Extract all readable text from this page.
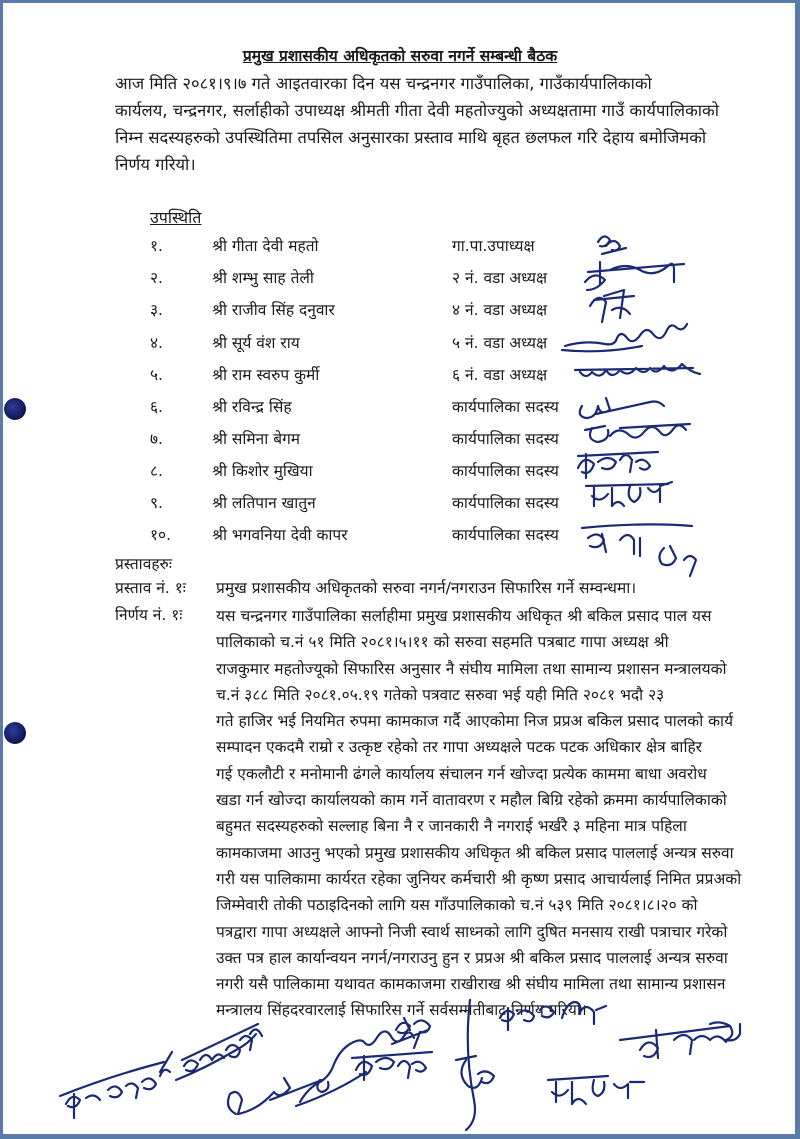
प्रमुख प्रशासकीय अधिकृतको सरुवा नगर्ने सम्बन्धी बैठक
आज मिति २०८१।९।७ गते आइतवारका दिन यस चन्द्रनगर गाउँपालिका, गाउँकार्यपालिकाको
कार्यलय, चन्द्रनगर, सर्लाहीको उपाध्यक्ष श्रीमती गीता देवी महतोज्युको अध्यक्षतामा गाउँ कार्यपालिकाको
निम्न सदस्यहरुको उपस्थितिमा तपसिल अनुसारका प्रस्ताव माथि बृहत छलफल गरि देहाय बमोजिमको
निर्णय गरियो।
उपस्थिति
१.	श्री गीता देवी महतो	गा.पा.उपाध्यक्ष
२.	श्री शम्भु साह तेली	२ नं. वडा अध्यक्ष
३.	श्री राजीव सिंह दनुवार	४ नं. वडा अध्यक्ष
४.	श्री सूर्य वंश राय	५ नं. वडा अध्यक्ष
५.	श्री राम स्वरुप कुर्मी	६ नं. वडा अध्यक्ष
६.	श्री रविन्द्र सिंह	कार्यपालिका सदस्य
७.	श्री समिना बेगम	कार्यपालिका सदस्य
८.	श्री किशोर मुखिया	कार्यपालिका सदस्य
९.	श्री लतिपान खातुन	कार्यपालिका सदस्य
१०.	श्री भगवनिया देवी कापर	कार्यपालिका सदस्य
प्रस्तावहरुः
प्रस्ताव नं. १ः प्रमुख प्रशासकीय अधिकृतको सरुवा नगर्न/नगराउन सिफारिस गर्ने सम्वन्धमा।
निर्णय नं. १ः यस चन्द्रनगर गाउँपालिका सर्लाहीमा प्रमुख प्रशासकीय अधिकृत श्री बकिल प्रसाद पाल यस
पालिकाको च.नं ५१ मिति २०८१।५।११ को सरुवा सहमति पत्रबाट गापा अध्यक्ष श्री
राजकुमार महतोज्यूको सिफारिस अनुसार नै संघीय मामिला तथा सामान्य प्रशासन मन्त्रालयको
च.नं ३८८ मिति २०८१.०५.१९ गतेको पत्रवाट सरुवा भई यही मिति २०८१ भदौ २३
गते हाजिर भई नियमित रुपमा कामकाज गर्दै आएकोमा निज प्रप्रअ बकिल प्रसाद पालको कार्य
सम्पादन एकदमै राम्रो र उत्कृष्ट रहेको तर गापा अध्यक्षले पटक पटक अधिकार क्षेत्र बाहिर
गई एकलौटी र मनोमानी ढंगले कार्यालय संचालन गर्न खोज्दा प्रत्येक काममा बाधा अवरोध
खडा गर्न खोज्दा कार्यालयको काम गर्ने वातावरण र महौल बिग्रि रहेको क्रममा कार्यपालिकाको
बहुमत सदस्यहरुको सल्लाह बिना नै र जानकारी नै नगराई भर्खरै ३ महिना मात्र पहिला
कामकाजमा आउनु भएको प्रमुख प्रशासकीय अधिकृत श्री बकिल प्रसाद पाललाई अन्यत्र सरुवा
गरी यस पालिकामा कार्यरत रहेका जुनियर कर्मचारी श्री कृष्ण प्रसाद आचार्यलाई निमित प्रप्रअको
जिम्मेवारी तोकी पठाइदिनको लागि यस गाँउपालिकाको च.नं ५३९ मिति २०८१।८।२० को
पत्रद्वारा गापा अध्यक्षले आफ्नो निजी स्वार्थ साध्नको लागि दुषित मनसाय राखी पत्राचार गरेको
उक्त पत्र हाल कार्यान्वयन नगर्न/नगराउनु हुन र प्रप्रअ श्री बकिल प्रसाद पाललाई अन्यत्र सरुवा
नगरी यसै पालिकामा यथावत कामकाजमा राखीराख श्री संघीय मामिला तथा सामान्य प्रशासन
मन्त्रालय सिंहदरवारलाई सिफारिस गर्ने सर्वसम्मतीबाट निर्णय गरियो।
